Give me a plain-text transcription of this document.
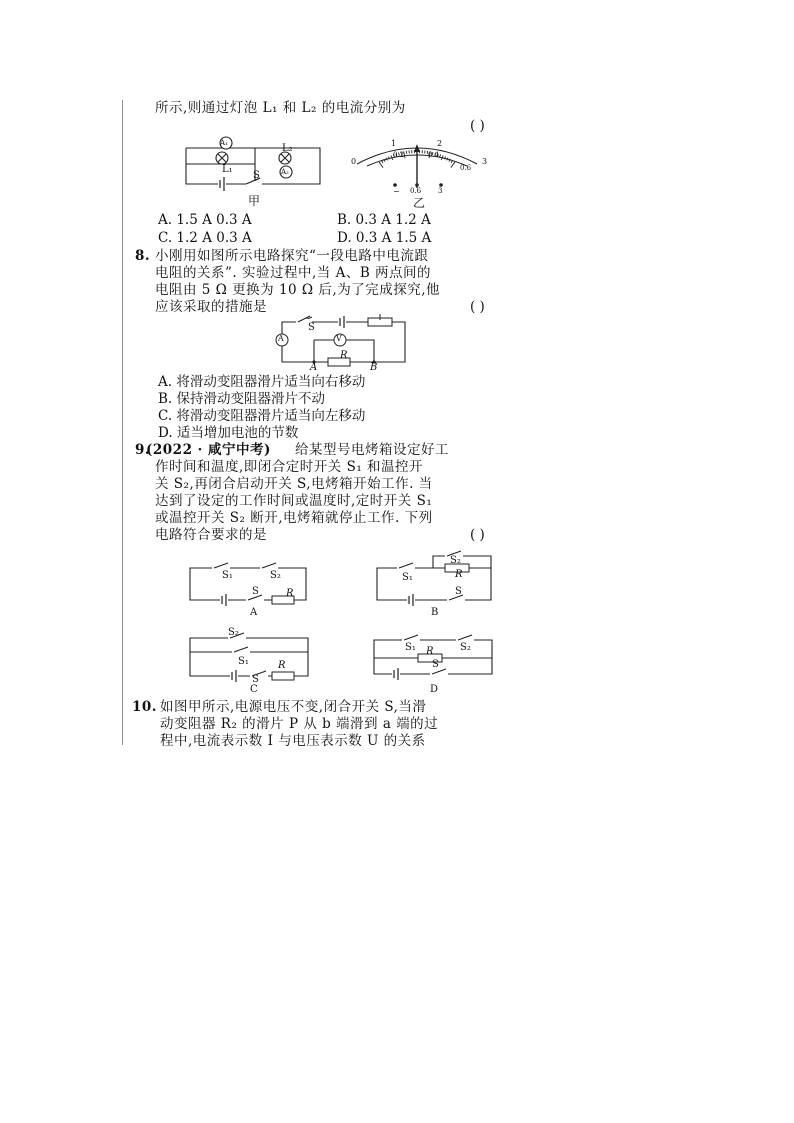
所示,则通过灯泡 L₁ 和 L₂ 的电流分别为
( )
A₁
A₂
L₂
L₁
S
甲
0
1	2
3
0.2	0.4
0.6
− 0.6 3
乙
A. 1.5 A 0.3 A	B. 0.3 A 1.2 A
C. 1.2 A 0.3 A	D. 0.3 A 1.5 A
8. 小刚用如图所示电路探究“一段电路中电流跟
电阻的关系”. 实验过程中,当 A、B 两点间的
电阻由 5 Ω 更换为 10 Ω 后,为了完成探究,他
应该采取的措施是	( )
S
A	V
R
A	B
A. 将滑动变阻器滑片适当向右移动
B. 保持滑动变阻器滑片不动
C. 将滑动变阻器滑片适当向左移动
D. 适当增加电池的节数
9.
(2022 · 咸宁中考) 给某型号电烤箱设定好工
作时间和温度,即闭合定时开关 S₁ 和温控开
关 S₂,再闭合启动开关 S,电烤箱开始工作. 当
达到了设定的工作时间或温度时,定时开关 S₁
或温控开关 S₂ 断开,电烤箱就停止工作. 下列
电路符合要求的是	( )
S₁	S₂
S	R
A
S₁
S₂
R
S
B
S₂
S₁	R
S
C
S₁	S₂
R
S
D
10. 如图甲所示,电源电压不变,闭合开关 S,当滑
动变阻器 R₂ 的滑片 P 从 b 端滑到 a 端的过
程中,电流表示数 I 与电压表示数 U 的关系
